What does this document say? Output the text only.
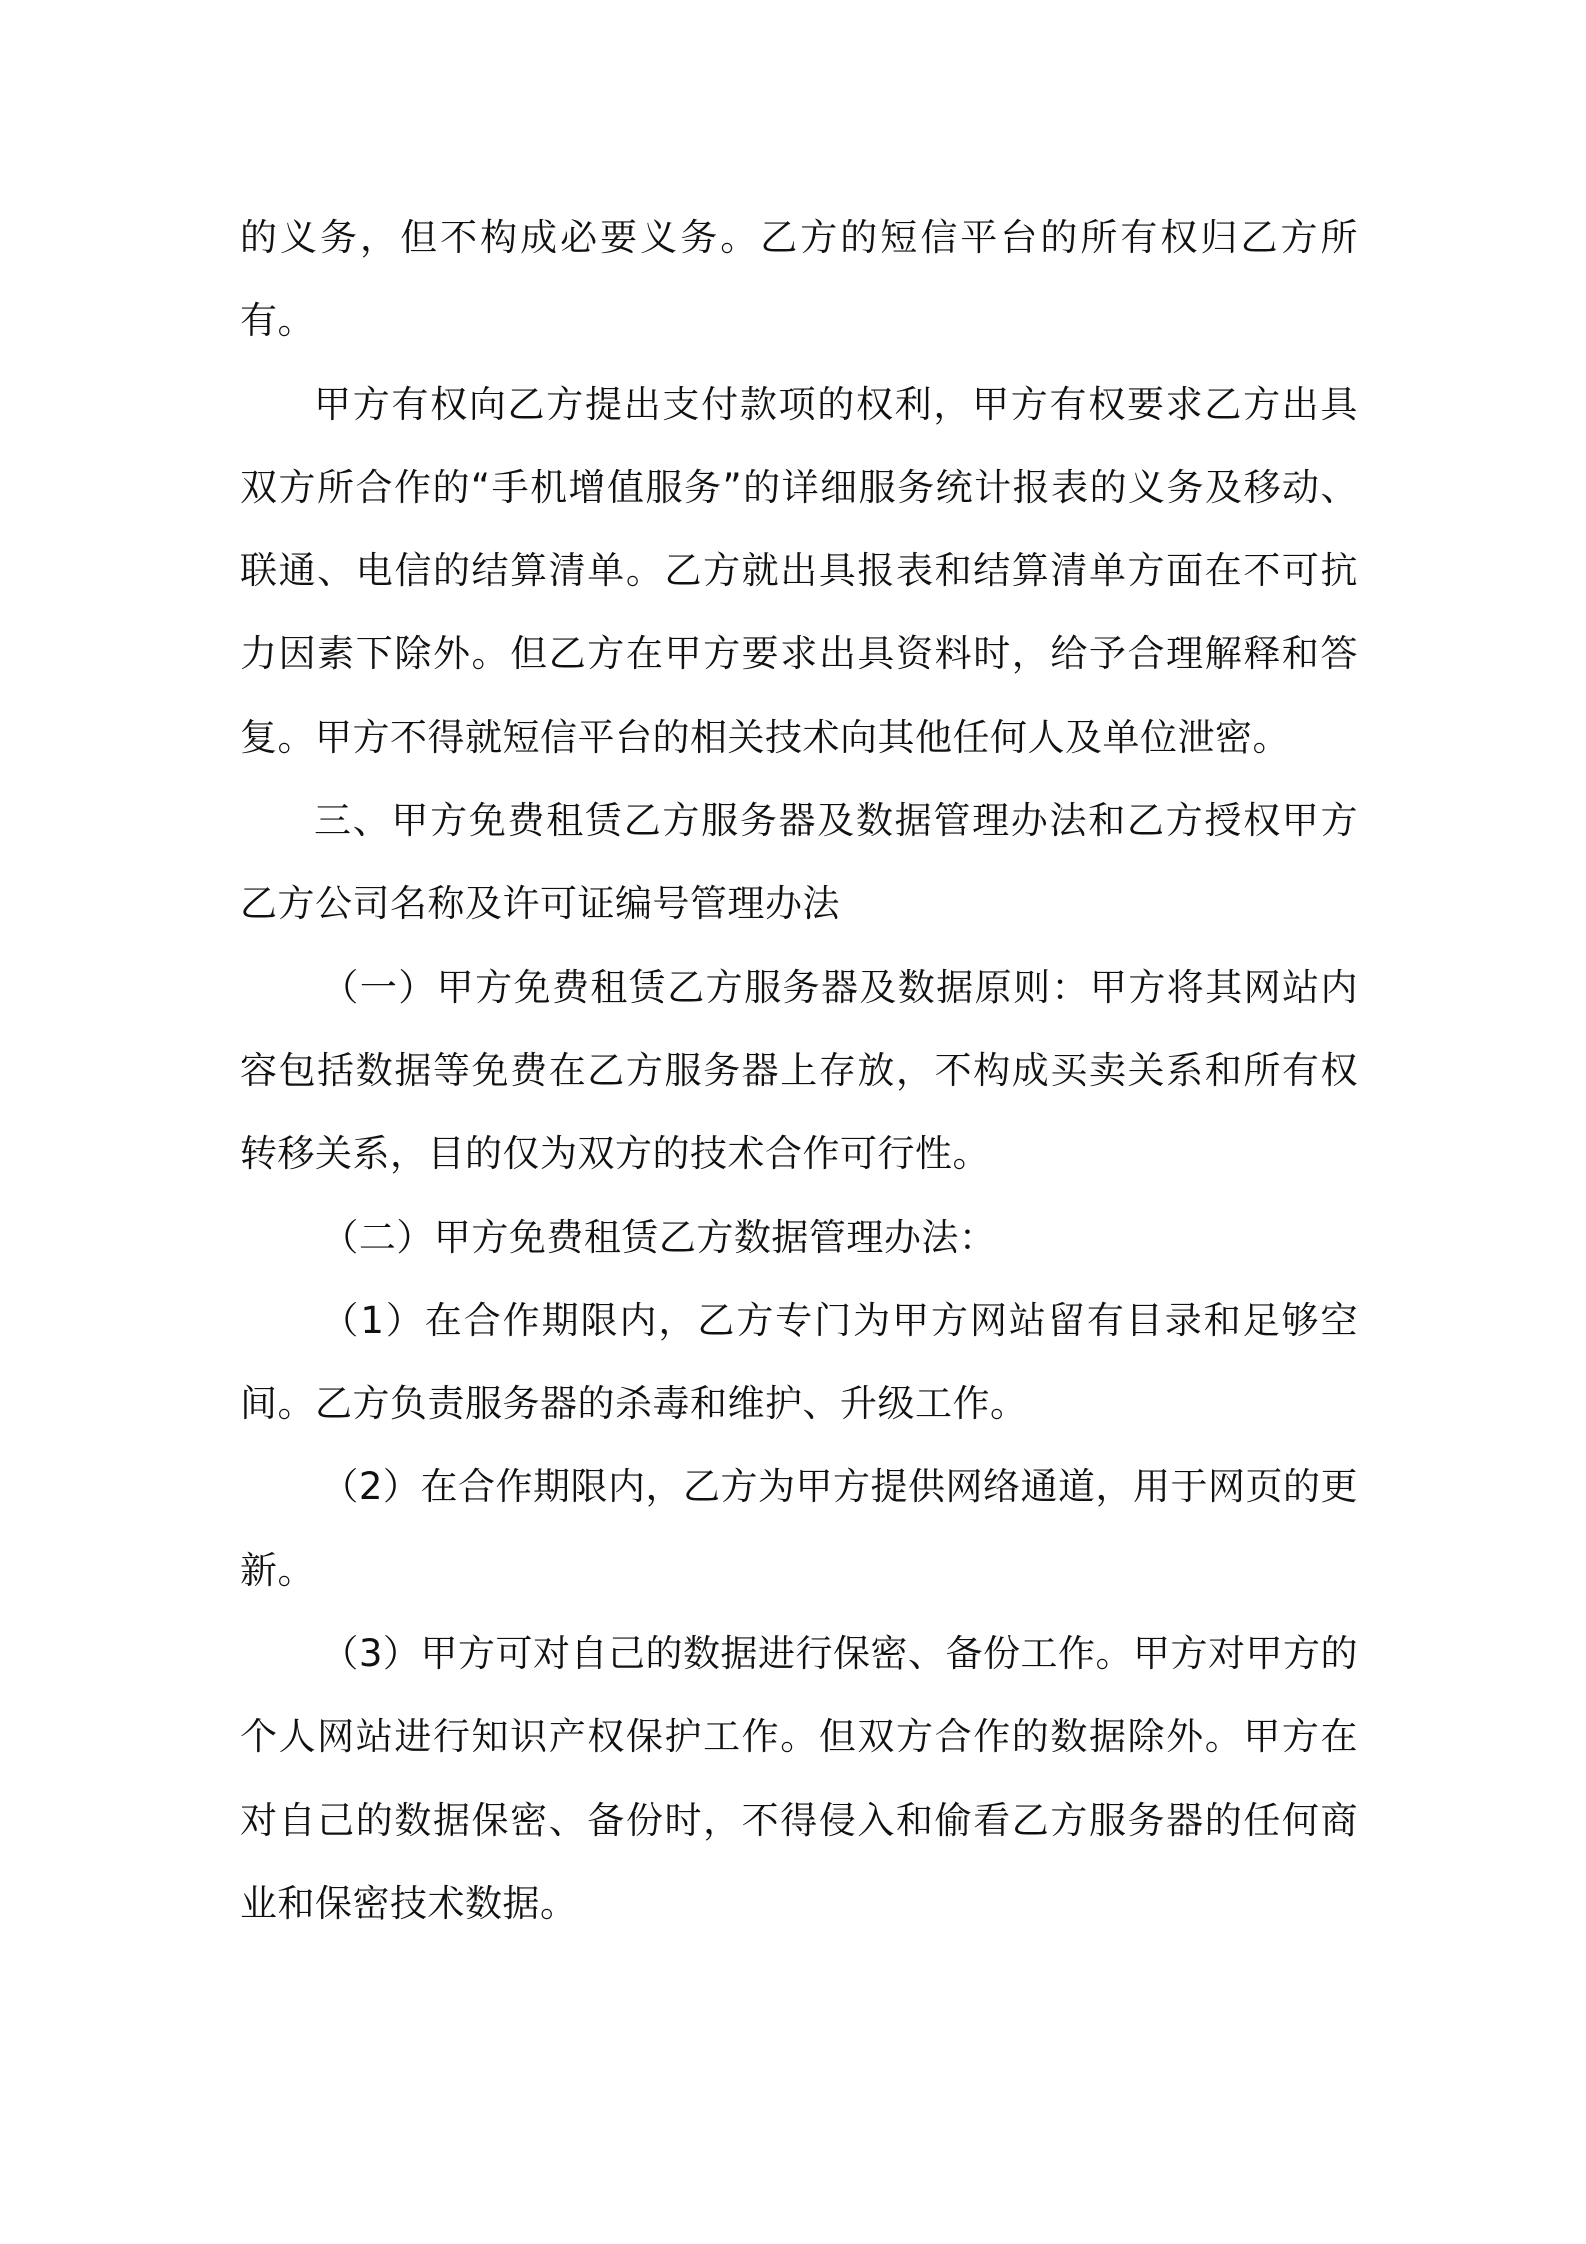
的义务，但不构成必要义务。乙方的短信平台的所有权归乙方所有。

甲方有权向乙方提出支付款项的权利，甲方有权要求乙方出具双方所合作的“手机增值服务”的详细服务统计报表的义务及移动、联通、电信的结算清单。乙方就出具报表和结算清单方面在不可抗力因素下除外。但乙方在甲方要求出具资料时，给予合理解释和答复。甲方不得就短信平台的相关技术向其他任何人及单位泄密。

三、甲方免费租赁乙方服务器及数据管理办法和乙方授权甲方乙方公司名称及许可证编号管理办法

（一）甲方免费租赁乙方服务器及数据原则：甲方将其网站内容包括数据等免费在乙方服务器上存放，不构成买卖关系和所有权转移关系，目的仅为双方的技术合作可行性。

（二）甲方免费租赁乙方数据管理办法：

（1）在合作期限内，乙方专门为甲方网站留有目录和足够空间。乙方负责服务器的杀毒和维护、升级工作。

（2）在合作期限内，乙方为甲方提供网络通道，用于网页的更新。

（3）甲方可对自己的数据进行保密、备份工作。甲方对甲方的个人网站进行知识产权保护工作。但双方合作的数据除外。甲方在对自己的数据保密、备份时，不得侵入和偷看乙方服务器的任何商业和保密技术数据。
